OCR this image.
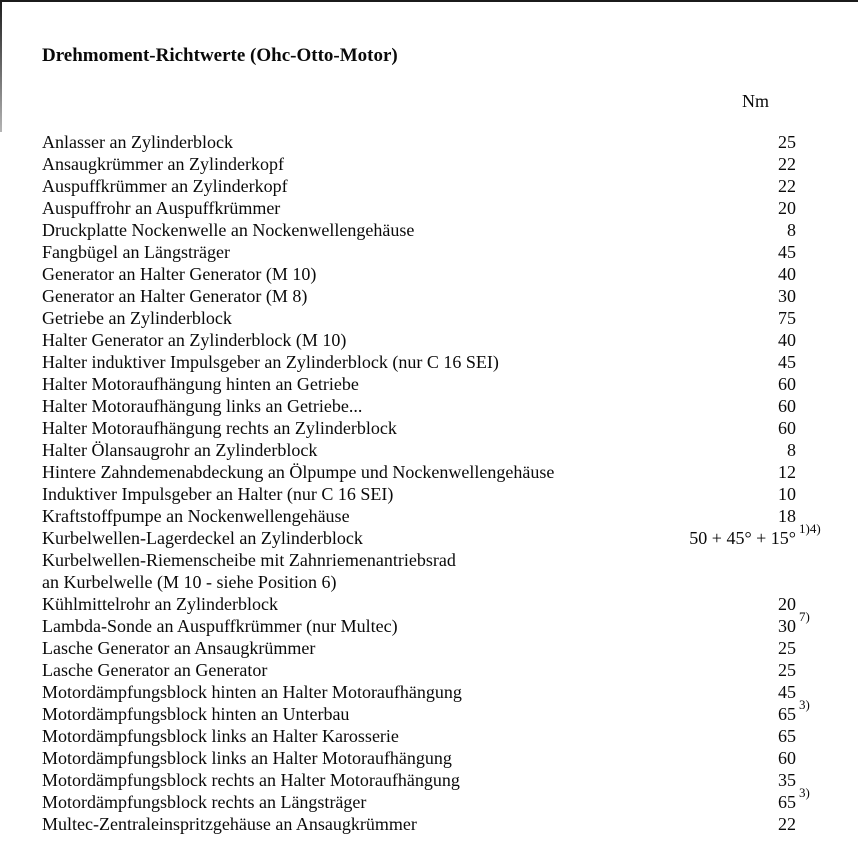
Drehmoment-Richtwerte (Ohc-Otto-Motor)
Nm
Anlasser an Zylinderblock	25
Ansaugkrümmer an Zylinderkopf	22
Auspuffkrümmer an Zylinderkopf	22
Auspuffrohr an Auspuffkrümmer	20
Druckplatte Nockenwelle an Nockenwellengehäuse	8
Fangbügel an Längsträger	45
Generator an Halter Generator (M 10)	40
Generator an Halter Generator (M 8)	30
Getriebe an Zylinderblock	75
Halter Generator an Zylinderblock (M 10)	40
Halter induktiver Impulsgeber an Zylinderblock (nur C 16 SEI)	45
Halter Motoraufhängung hinten an Getriebe	60
Halter Motoraufhängung links an Getriebe...	60
Halter Motoraufhängung rechts an Zylinderblock	60
Halter Ölansaugrohr an Zylinderblock	8
Hintere Zahndemenabdeckung an Ölpumpe und Nockenwellengehäuse	12
Induktiver Impulsgeber an Halter (nur C 16 SEI)	10
Kraftstoffpumpe an Nockenwellengehäuse	18
Kurbelwellen-Lagerdeckel an Zylinderblock	50 + 45° + 15° 1)4)
Kurbelwellen-Riemenscheibe mit Zahnriemenantriebsrad
an Kurbelwelle (M 10 - siehe Position 6)
Kühlmittelrohr an Zylinderblock	20
Lambda-Sonde an Auspuffkrümmer (nur Multec)	30 7)
Lasche Generator an Ansaugkrümmer	25
Lasche Generator an Generator	25
Motordämpfungsblock hinten an Halter Motoraufhängung	45
Motordämpfungsblock hinten an Unterbau	65 3)
Motordämpfungsblock links an Halter Karosserie	65
Motordämpfungsblock links an Halter Motoraufhängung	60
Motordämpfungsblock rechts an Halter Motoraufhängung	35
Motordämpfungsblock rechts an Längsträger	65 3)
Multec-Zentraleinspritzgehäuse an Ansaugkrümmer	22
